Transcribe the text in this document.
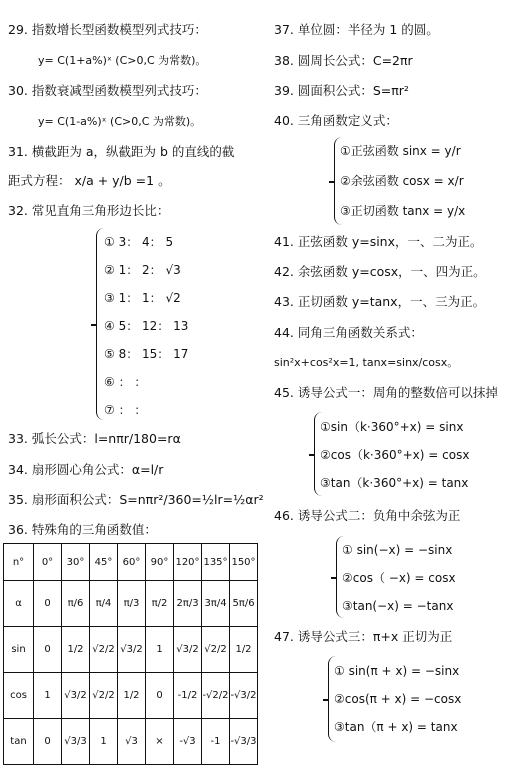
29. 指数增长型函数模型列式技巧：
y= C(1+a%)ˣ (C>0,C 为常数)。
30. 指数衰减型函数模型列式技巧：
y= C(1-a%)ˣ (C>0,C 为常数)。
31. 横截距为 a，纵截距为 b 的直线的截
距式方程： x/a + y/b =1 。
32. 常见直角三角形边长比：
① 3： 4： 5
② 1： 2： √3
③ 1： 1： √2
④ 5： 12： 13
⑤ 8： 15： 17
⑥ ： ：
⑦ ： ：
33. 弧长公式：l=nπr/180=rα
34. 扇形圆心角公式：α=l/r
35. 扇形面积公式：S=nπr²/360=½lr=½αr²
36. 特殊角的三角函数值：
n°	0°	30°	45°	60°	90°	120°	135°	150°
α	0	π/6	π/4	π/3	π/2	2π/3	3π/4	5π/6
sin	0	1/2	√2/2	√3/2	1	√3/2	√2/2	1/2
cos	1	√3/2	√2/2	1/2	0	-1/2	-√2/2	-√3/2
tan	0	√3/3	1	√3	×	-√3	-1	-√3/3
37. 单位圆：半径为 1 的圆。
38. 圆周长公式：C=2πr
39. 圆面积公式：S=πr²
40. 三角函数定义式：
①正弦函数 sinx = y/r
②余弦函数 cosx = x/r
③正切函数 tanx = y/x
41. 正弦函数 y=sinx，一、二为正。
42. 余弦函数 y=cosx，一、四为正。
43. 正切函数 y=tanx，一、三为正。
44. 同角三角函数关系式：
sin²x+cos²x=1, tanx=sinx/cosx。
45. 诱导公式一：周角的整数倍可以抹掉
①sin（k·360°+x) = sinx
②cos（k·360°+x) = cosx
③tan（k·360°+x) = tanx
46. 诱导公式二：负角中余弦为正
① sin(−x) = −sinx
②cos（ −x) = cosx
③tan(−x) = −tanx
47. 诱导公式三：π+x 正切为正
① sin(π + x) = −sinx
②cos(π + x) = −cosx
③tan（π + x) = tanx
